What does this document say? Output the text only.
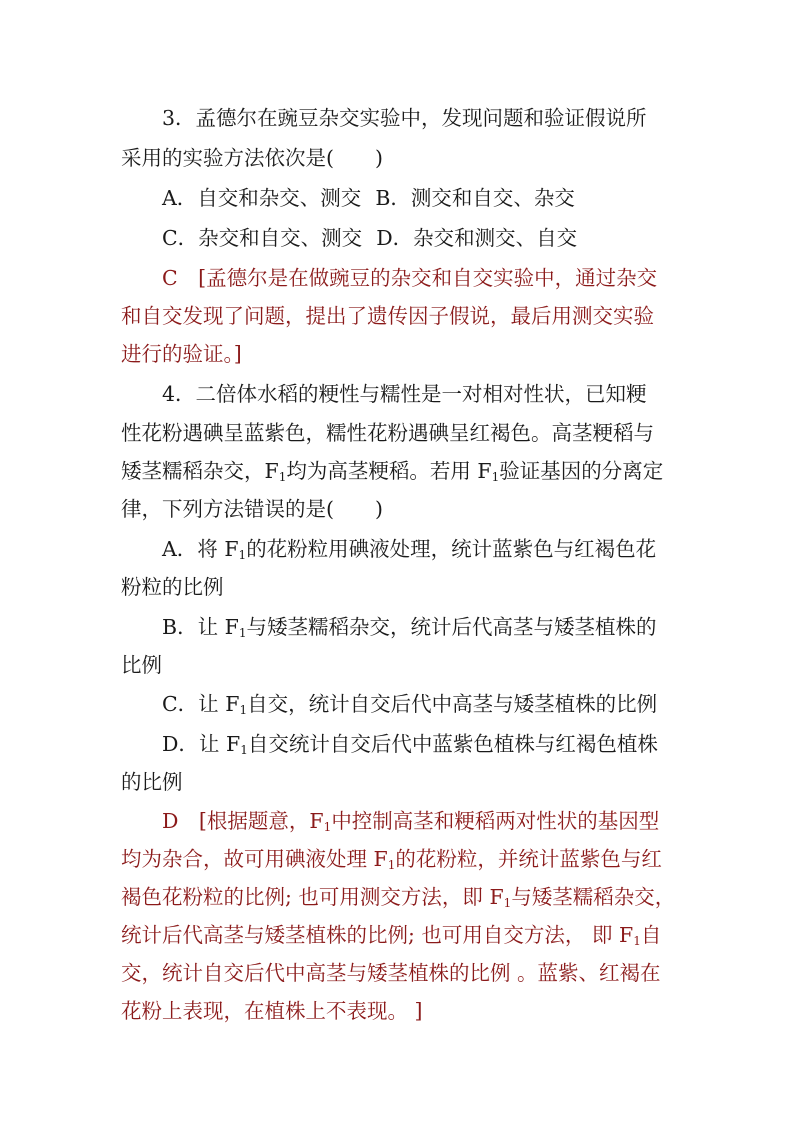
3．孟德尔在豌豆杂交实验中，发现问题和验证假说所
采用的实验方法依次是(　　)
A．自交和杂交、测交 B．测交和自交、杂交
C．杂交和自交、测交 D．杂交和测交、自交
C　[孟德尔是在做豌豆的杂交和自交实验中，通过杂交
和自交发现了问题，提出了遗传因子假说，最后用测交实验
进行的验证。]
4．二倍体水稻的粳性与糯性是一对相对性状，已知粳
性花粉遇碘呈蓝紫色，糯性花粉遇碘呈红褐色。高茎粳稻与
矮茎糯稻杂交，$F_1$均为高茎粳稻。若用 $F_1$验证基因的分离定
律，下列方法错误的是(　　)
A．将 $F_1$的花粉粒用碘液处理，统计蓝紫色与红褐色花
粉粒的比例
B．让 $F_1$与矮茎糯稻杂交，统计后代高茎与矮茎植株的
比例
C．让 $F_1$自交，统计自交后代中高茎与矮茎植株的比例
D．让 $F_1$自交统计自交后代中蓝紫色植株与红褐色植株
的比例
D　[根据题意，$F_1$中控制高茎和粳稻两对性状的基因型
均为杂合，故可用碘液处理 $F_1$的花粉粒，并统计蓝紫色与红
褐色花粉粒的比例; 也可用测交方法，即 $F_1$与矮茎糯稻杂交，
统计后代高茎与矮茎植株的比例; 也可用自交方法， 即 $F_1$自
交，统计自交后代中高茎与矮茎植株的比例 。蓝紫、红褐在
花粉上表现，在植株上不表现。 ]
